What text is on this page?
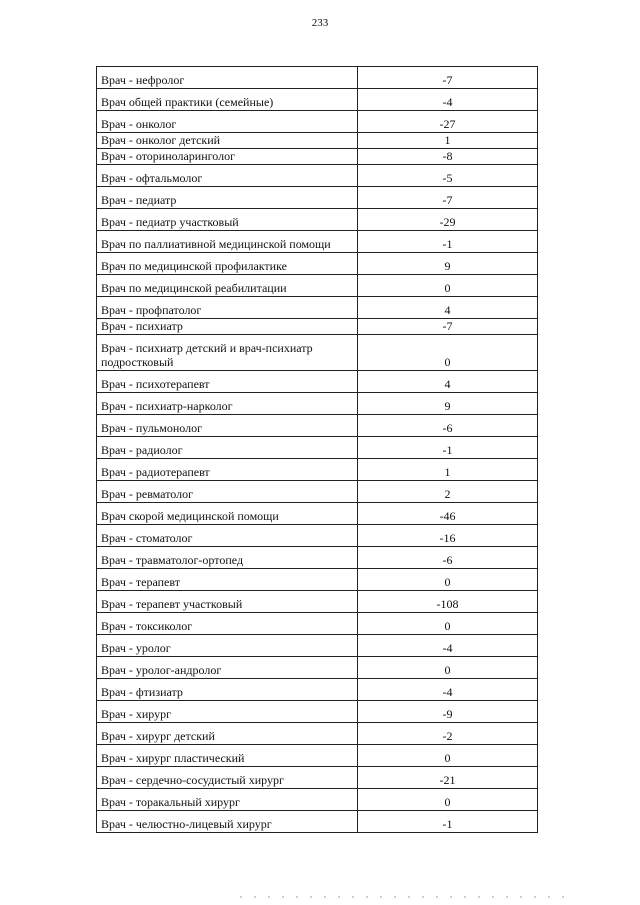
233
Врач - нефролог	-7
Врач общей практики (семейные)	-4
Врач - онколог	-27
Врач - онколог детский	1
Врач - оториноларинголог	-8
Врач - офтальмолог	-5
Врач - педиатр	-7
Врач - педиатр участковый	-29
Врач по паллиативной медицинской помощи	-1
Врач по медицинской профилактике	9
Врач по медицинской реабилитации	0
Врач - профпатолог	4
Врач - психиатр	-7
Врач - психиатр детский и врач-психиатр подростковый	0
Врач - психотерапевт	4
Врач - психиатр-нарколог	9
Врач - пульмонолог	-6
Врач - радиолог	-1
Врач - радиотерапевт	1
Врач - ревматолог	2
Врач скорой медицинской помощи	-46
Врач - стоматолог	-16
Врач - травматолог-ортопед	-6
Врач - терапевт	0
Врач - терапевт участковый	-108
Врач - токсиколог	0
Врач - уролог	-4
Врач - уролог-андролог	0
Врач - фтизиатр	-4
Врач - хирург	-9
Врач - хирург детский	-2
Врач - хирург пластический	0
Врач - сердечно-сосудистый хирург	-21
Врач - торакальный хирург	0
Врач - челюстно-лицевый хирург	-1
